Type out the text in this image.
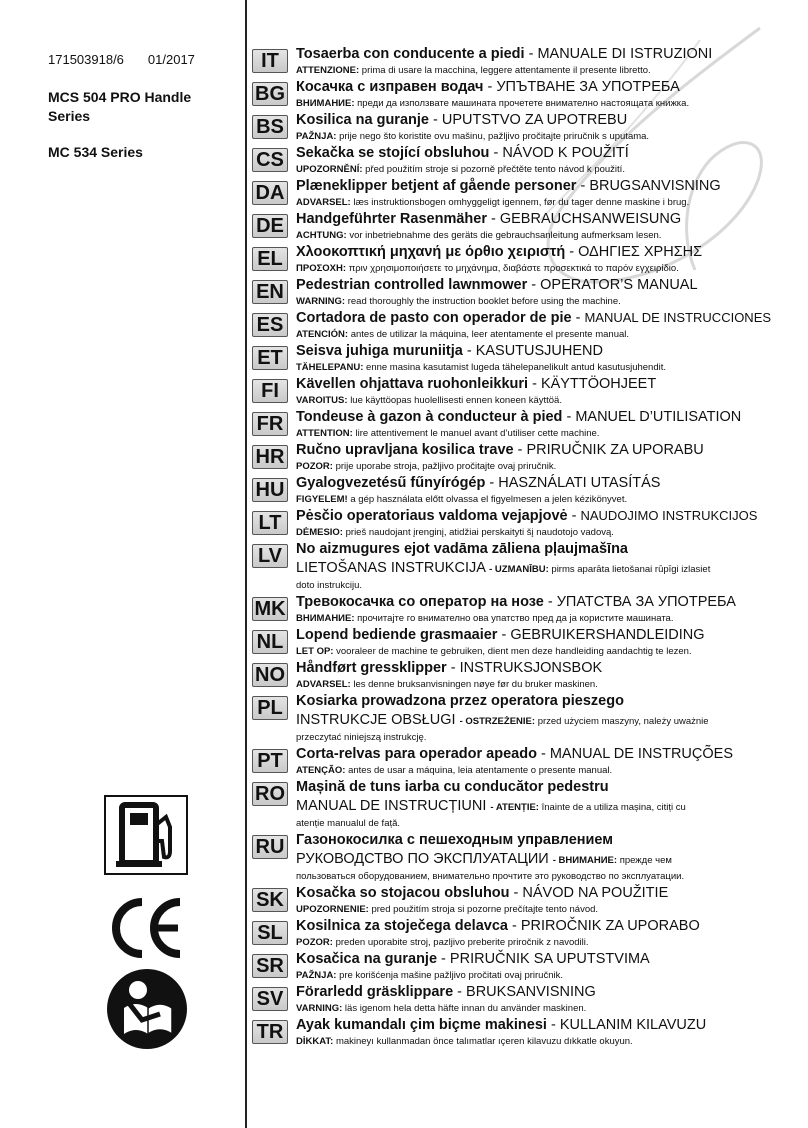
171503918/6 01/2017
MCS 504 PRO Handle Series
MC 534 Series
IT	Tosaerba con conducente a piedi - MANUALE DI ISTRUZIONI
ATTENZIONE: prima di usare la macchina, leggere attentamente il presente libretto.
BG Косачка с изправен водач - УПЪТВАНЕ ЗА УПОТРЕБА
ВНИМАНИЕ: преди да използвате машината прочетете внимателно настоящата книжка.
BS Kosilica na guranje - UPUTSTVO ZA UPOTREBU
PAŽNJA: prije nego što koristite ovu mašinu, pažljivo pročitajte priručnik s uputama.
CS Sekačka se stojící obsluhou - NÁVOD K POUŽITÍ
UPOZORNĚNÍ: před použitím stroje si pozorně přečtěte tento návod k použití.
DA Plæneklipper betjent af gående personer - BRUGSANVISNING
ADVARSEL: læs instruktionsbogen omhyggeligt igennem, før du tager denne maskine i brug.
DE Handgeführter Rasenmäher - GEBRAUCHSANWEISUNG
ACHTUNG: vor inbetriebnahme des geräts die gebrauchsanleitung aufmerksam lesen.
EL Χλοοκοπτική μηχανή με όρθιο χειριστή - ΟΔΗΓΙΕΣ ΧΡΗΣΗΣ
ΠΡΟΣΟΧΗ: πριν χρησιμοποιήσετε το μηχάνημα, διαβάστε προσεκτικά το παρόν εγχειρίδιο.
EN Pedestrian controlled lawnmower - OPERATOR’S MANUAL
WARNING: read thoroughly the instruction booklet before using the machine.
ES Cortadora de pasto con operador de pie - MANUAL DE INSTRUCCIONES
ATENCIÓN: antes de utilizar la máquina, leer atentamente el presente manual.
ET Seisva juhiga muruniitja - KASUTUSJUHEND
TÄHELEPANU: enne masina kasutamist lugeda tähelepanelikult antud kasutusjuhendit.
FI	Kävellen ohjattava ruohonleikkuri - KÄYTTÖOHJEET
VAROITUS: lue käyttöopas huolellisesti ennen koneen käyttöä.
FR Tondeuse à gazon à conducteur à pied - MANUEL D’UTILISATION
ATTENTION: lire attentivement le manuel avant d’utiliser cette machine.
HR Ručno upravljana kosilica trave - PRIRUČNIK ZA UPORABU
POZOR: prije uporabe stroja, pažljivo pročitajte ovaj priručnik.
HU Gyalogvezetésű fűnyírógép - HASZNÁLATI UTASÍTÁS
FIGYELEM! a gép használata előtt olvassa el figyelmesen a jelen kézikönyvet.
LT	Pėsčio operatoriaus valdoma vejapjovė - NAUDOJIMO INSTRUKCIJOS
DĖMESIO: prieš naudojant įrenginį, atidžiai perskaityti šį naudotojo vadovą.
LV No aizmugures ejot vadāma zāliena pļaujmašīna
LIETOŠANAS INSTRUKCIJA - UZMANĪBU: pirms aparāta lietošanai rūpīgi izlasiet
doto instrukciju.
MK Тревокосачка со оператор на нозе - УПАТСТВА ЗА УПОТРЕБА
ВНИМАНИЕ: прочитајте го внимателно ова упатство пред да ја користите машината.
NL Lopend bediende grasmaaier - GEBRUIKERSHANDLEIDING
LET OP: vooraleer de machine te gebruiken, dient men deze handleiding aandachtig te lezen.
NO Håndført gressklipper - INSTRUKSJONSBOK
ADVARSEL: les denne bruksanvisningen nøye før du bruker maskinen.
PL Kosiarka prowadzona przez operatora pieszego
INSTRUKCJE OBSŁUGI - OSTRZEŻENIE: przed użyciem maszyny, należy uważnie
przeczytać niniejszą instrukcję.
PT Corta-relvas para operador apeado - MANUAL DE INSTRUÇÕES
ATENÇÃO: antes de usar a máquina, leia atentamente o presente manual.
RO Mașină de tuns iarba cu conducător pedestru
MANUAL DE INSTRUCȚIUNI - ATENȚIE: înainte de a utiliza mașina, citiți cu
atenție manualul de față.
RU Газонокосилка с пешеходным управлением
РУКОВОДСТВО ПО ЭКСПЛУАТАЦИИ - ВНИМАНИЕ: прежде чем
пользоваться оборудованием, внимательно прочтите это руководство по эксплуатации.
SK Kosačka so stojacou obsluhou - NÁVOD NA POUŽITIE
UPOZORNENIE: pred použitím stroja si pozorne prečítajte tento návod.
SL Kosilnica za stoječega delavca - PRIROČNIK ZA UPORABO
POZOR: preden uporabite stroj, pazljivo preberite priročnik z navodili.
SR Kosačica na guranje - PRIRUČNIK SA UPUTSTVIMA
PAŽNJA: pre korišćenja mašine pažljivo pročitati ovaj priručnik.
SV Förarledd gräsklippare - BRUKSANVISNING
VARNING: läs igenom hela detta häfte innan du använder maskinen.
TR Ayak kumandalı çim biçme makinesi - KULLANIM KILAVUZU
DİKKAT: makineyı kullanmadan önce talımatlar ıçeren kilavuzu dıkkatle okuyun.
